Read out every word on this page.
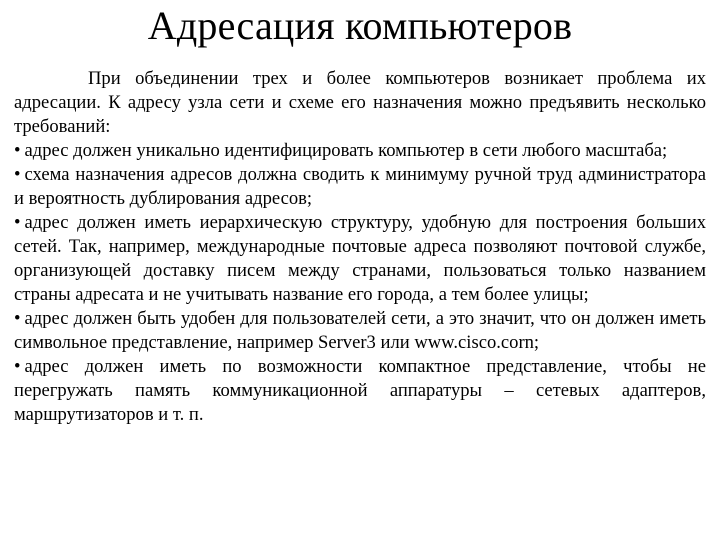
Адресация компьютеров

При объединении трех и более компьютеров возникает проблема их адресации. К адресу узла сети и схеме его назначения можно предъявить несколько требований:

• адрес должен уникально идентифицировать компьютер в сети любого масштаба;

• схема назначения адресов должна сводить к минимуму ручной труд администратора и вероятность дублирования адресов;

• адрес должен иметь иерархическую структуру, удобную для построения больших сетей. Так, например, международные почтовые адреса позволяют почтовой службе, организующей доставку писем между странами, пользоваться только названием страны адресата и не учитывать название его города, а тем более улицы;

• адрес должен быть удобен для пользователей сети, а это значит, что он должен иметь символьное представление, например Server3 или www.cisco.corn;

• адрес должен иметь по возможности компактное представление, чтобы не перегружать память коммуникационной аппаратуры – сетевых адаптеров, маршрутизаторов и т. п.
